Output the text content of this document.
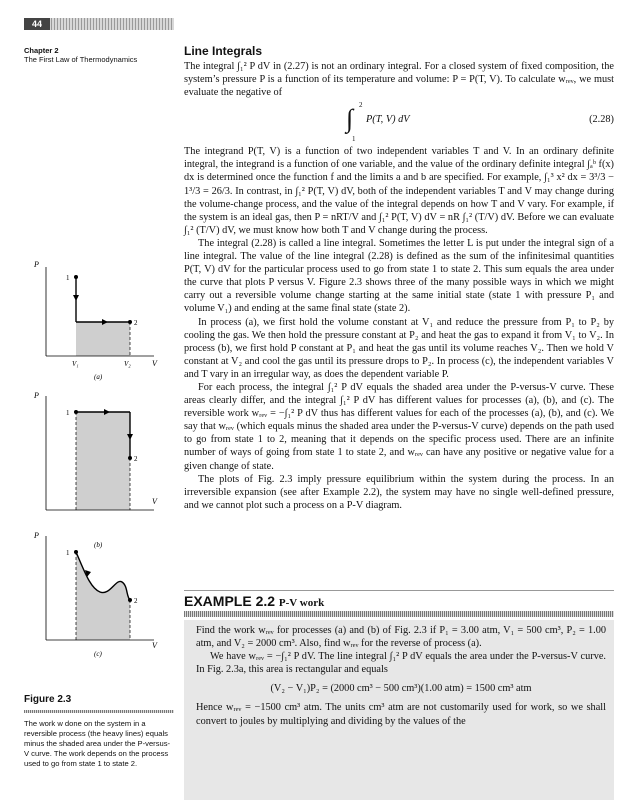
44
Chapter 2
The First Law of Thermodynamics
Line Integrals

The integral ∫₁² P dV in (2.27) is not an ordinary integral. For a closed system of fixed composition, the system’s pressure P is a function of its temperature and volume: P = P(T, V). To calculate wᵣₑᵥ, we must evaluate the negative of

∫ 2
1
P(T, V) dV	(2.28)

The integrand P(T, V) is a function of two independent variables T and V. In an ordinary definite integral, the integrand is a function of one variable, and the value of the ordinary definite integral ∫ₐᵇ f(x) dx is determined once the function f and the limits a and b are specified. For example, ∫₁³ x² dx = 3³/3 − 1³/3 = 26/3. In contrast, in ∫₁² P(T, V) dV, both of the independent variables T and V may change during the volume-change process, and the value of the integral depends on how T and V vary. For example, if the system is an ideal gas, then P = nRT/V and ∫₁² P(T, V) dV = nR ∫₁² (T/V) dV. Before we can evaluate ∫₁² (T/V) dV, we must know how both T and V change during the process.

The integral (2.28) is called a line integral. Sometimes the letter L is put under the integral sign of a line integral. The value of the line integral (2.28) is defined as the sum of the infinitesimal quantities P(T, V) dV for the particular process used to go from state 1 to state 2. This sum equals the area under the curve that plots P versus V. Figure 2.3 shows three of the many possible ways in which we might carry out a reversible volume change starting at the same initial state (state 1 with pressure P₁ and volume V₁) and ending at the same final state (state 2).

In process (a), we first hold the volume constant at V₁ and reduce the pressure from P₁ to P₂ by cooling the gas. We then hold the pressure constant at P₂ and heat the gas to expand it from V₁ to V₂. In process (b), we first hold P constant at P₁ and heat the gas until its volume reaches V₂. Then we hold V constant at V₂ and cool the gas until its pressure drops to P₂. In process (c), the independent variables V and T vary in an irregular way, as does the dependent variable P.

For each process, the integral ∫₁² P dV equals the shaded area under the P-versus-V curve. These areas clearly differ, and the integral ∫₁² P dV has different values for processes (a), (b), and (c). The reversible work wᵣₑᵥ = −∫₁² P dV thus has different values for each of the processes (a), (b), and (c). We say that wᵣₑᵥ (which equals minus the shaded area under the P-versus-V curve) depends on the path used to go from state 1 to 2, meaning that it depends on the specific process used. There are an infinite number of ways of going from state 1 to state 2, and wᵣₑᵥ can have any positive or negative value for a given change of state.

The plots of Fig. 2.3 imply pressure equilibrium within the system during the process. In an irreversible expansion (see after Example 2.2), the system may have no single well-defined pressure, and we cannot plot such a process on a P-V diagram.

EXAMPLE 2.2 P-V work

Find the work wᵣₑᵥ for processes (a) and (b) of Fig. 2.3 if P₁ = 3.00 atm, V₁ = 500 cm³, P₂ = 1.00 atm, and V₂ = 2000 cm³. Also, find wᵣₑᵥ for the reverse of process (a).

We have wᵣₑᵥ = −∫₁² P dV. The line integral ∫₁² P dV equals the area under the P-versus-V curve. In Fig. 2.3a, this area is rectangular and equals

(V₂ − V₁)P₂ = (2000 cm³ − 500 cm³)(1.00 atm) = 1500 cm³ atm

Hence wᵣₑᵥ = −1500 cm³ atm. The units cm³ atm are not customarily used for work, so we shall convert to joules by multiplying and dividing by the values of the

P
1
2
V₁	V₂	V
(a)
P
1
2
V
(b)
P
1
2
V
(c)
Figure 2.3
The work w done on the system in a reversible process (the heavy lines) equals minus the shaded area under the P-versus-V curve. The work depends on the process used to go from state 1 to state 2.
